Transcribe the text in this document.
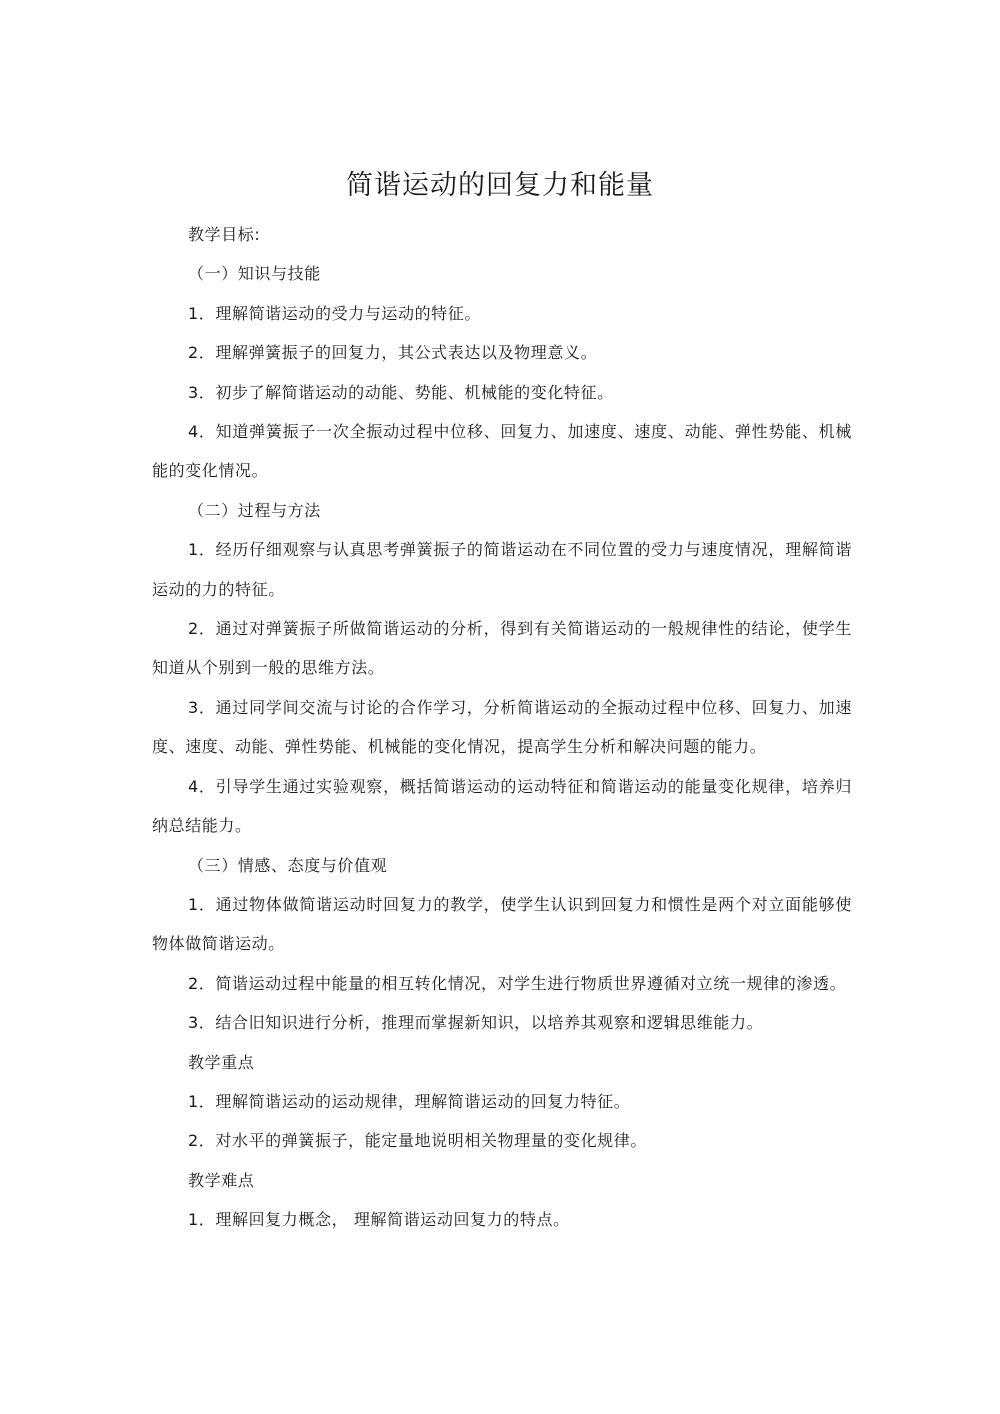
简谐运动的回复力和能量

教学目标:

（一）知识与技能

1．理解简谐运动的受力与运动的特征。

2．理解弹簧振子的回复力，其公式表达以及物理意义。

3．初步了解简谐运动的动能、势能、机械能的变化特征。

4．知道弹簧振子一次全振动过程中位移、回复力、加速度、速度、动能、弹性势能、机械能的变化情况。

（二）过程与方法

1．经历仔细观察与认真思考弹簧振子的简谐运动在不同位置的受力与速度情况，理解简谐运动的力的特征。

2．通过对弹簧振子所做简谐运动的分析，得到有关简谐运动的一般规律性的结论，使学生知道从个别到一般的思维方法。

3．通过同学间交流与讨论的合作学习，分析简谐运动的全振动过程中位移、回复力、加速度、速度、动能、弹性势能、机械能的变化情况，提高学生分析和解决问题的能力。

4．引导学生通过实验观察，概括简谐运动的运动特征和简谐运动的能量变化规律，培养归纳总结能力。

（三）情感、态度与价值观

1．通过物体做简谐运动时回复力的教学，使学生认识到回复力和惯性是两个对立面能够使物体做简谐运动。

2．简谐运动过程中能量的相互转化情况，对学生进行物质世界遵循对立统一规律的渗透。

3．结合旧知识进行分析，推理而掌握新知识，以培养其观察和逻辑思维能力。

教学重点

1．理解简谐运动的运动规律，理解简谐运动的回复力特征。

2．对水平的弹簧振子，能定量地说明相关物理量的变化规律。

教学难点

1．理解回复力概念， 理解简谐运动回复力的特点。
